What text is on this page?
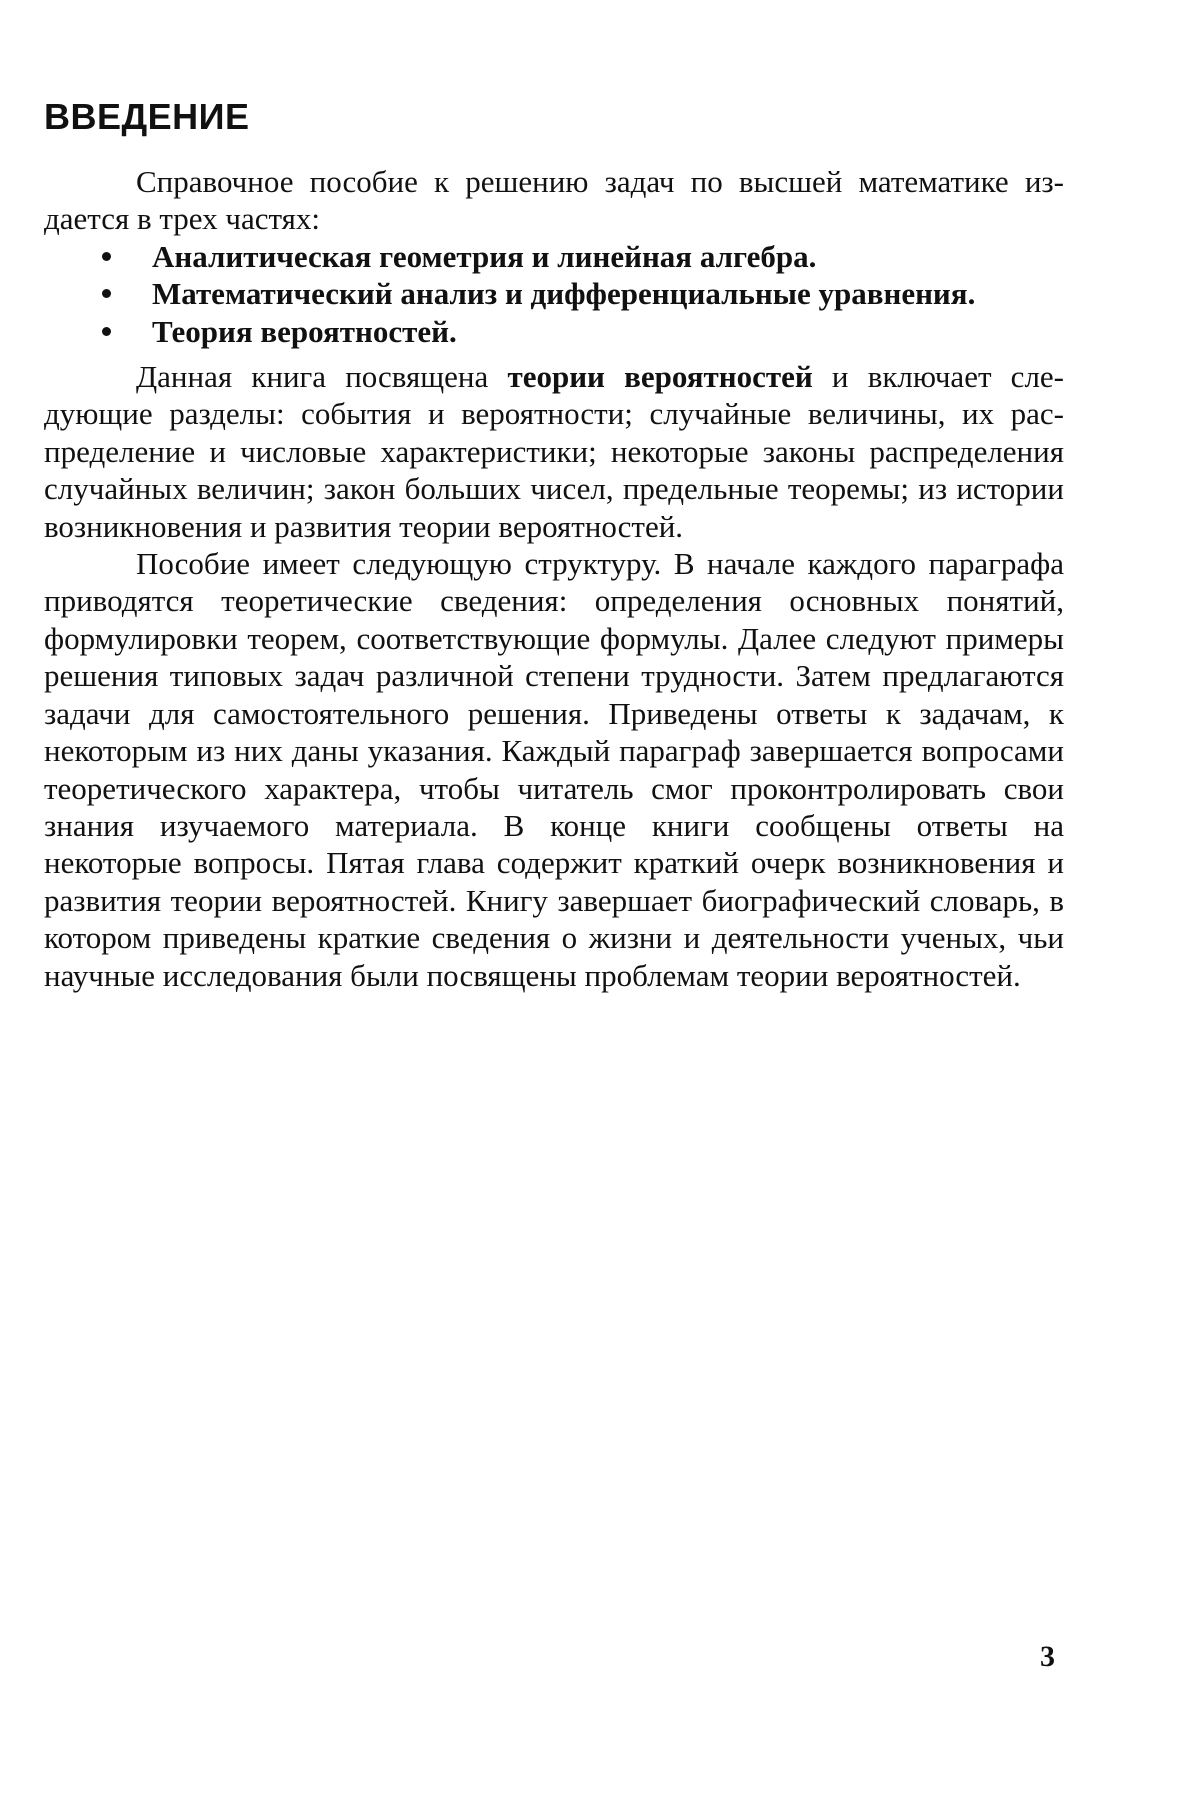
ВВЕДЕНИЕ

Справочное пособие к решению задач по высшей математике издается в трех частях:

Аналитическая геометрия и линейная алгебра.
Математический анализ и дифференциальные уравнения.
Теория вероятностей.

Данная книга посвящена теории вероятностей и включает следующие разделы: события и вероятности; случайные величины, их распределение и числовые характеристики; некоторые законы распределения случайных величин; закон больших чисел, предельные теоремы; из истории возникновения и развития теории вероятностей.

Пособие имеет следующую структуру. В начале каждого параграфа приводятся теоретические сведения: определения основных понятий, формулировки теорем, соответствующие формулы. Далее следуют примеры решения типовых задач различной степени трудности. Затем предлагаются задачи для самостоятельного решения. Приведены ответы к задачам, к некоторым из них даны указания. Каждый параграф завершается вопросами теоретического характера, чтобы читатель смог проконтролировать свои знания изучаемого материала. В конце книги сообщены ответы на некоторые вопросы. Пятая глава содержит краткий очерк возникновения и развития теории вероятностей. Книгу завершает биографический словарь, в котором приведены краткие сведения о жизни и деятельности ученых, чьи научные исследования были посвящены проблемам теории вероятностей.

3
